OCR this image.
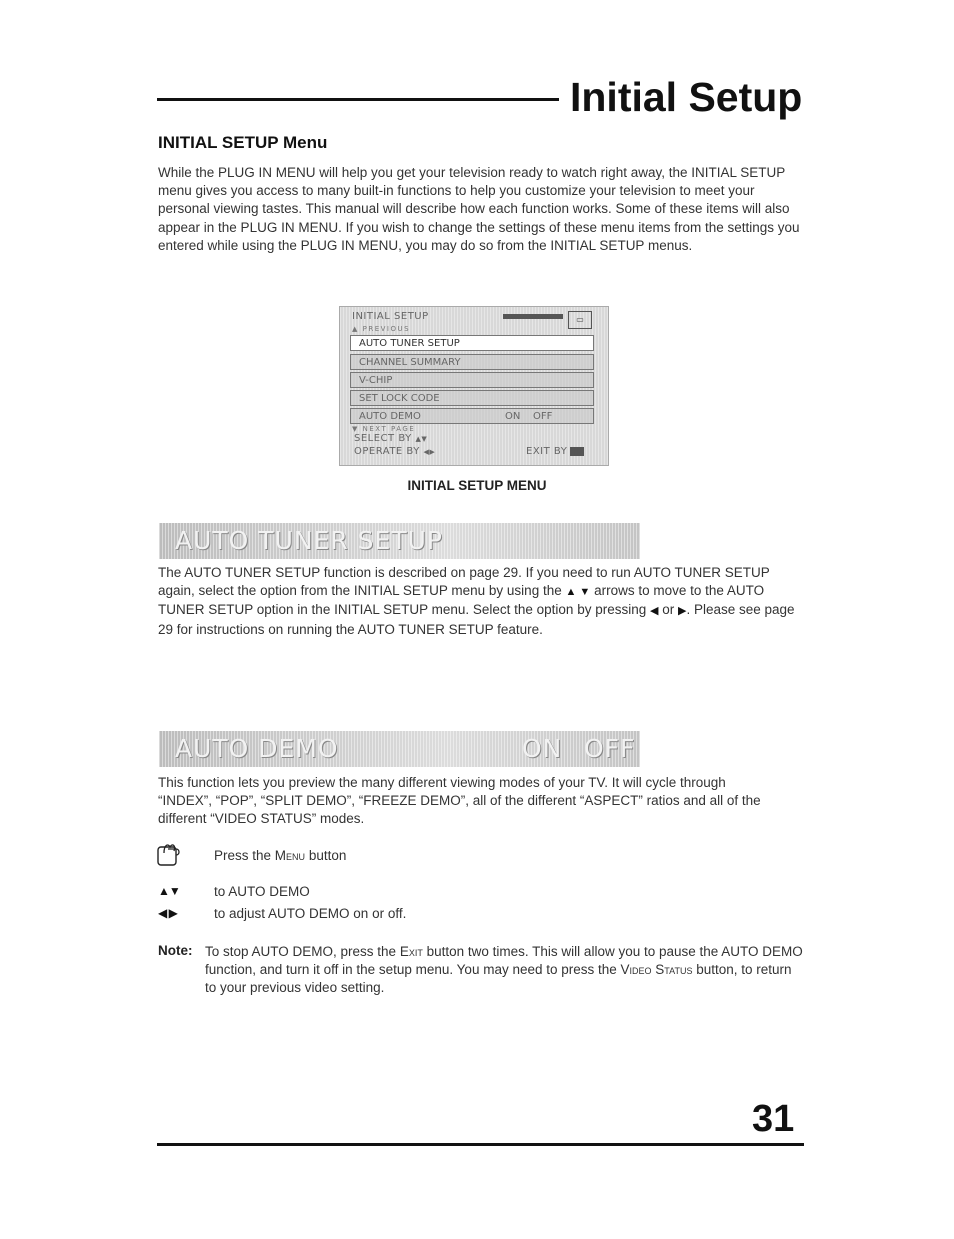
Initial Setup
INITIAL SETUP Menu
While the PLUG IN MENU will help you get your television ready to watch right away, the INITIAL SETUP menu gives you access to many built-in functions to help you customize your television to meet your personal viewing tastes. This manual will describe how each function works. Some of these items will also appear in the PLUG IN MENU. If you wish to change the settings of these menu items from the settings you entered while using the PLUG IN MENU, you may do so from the INITIAL SETUP menus.
INITIAL SETUP	▭
▲ PREVIOUS
AUTO TUNER SETUP
CHANNEL SUMMARY
V-CHIP
SET LOCK CODE
AUTO DEMO	ON OFF
▼ NEXT PAGE
SELECT BY ▲▼
OPERATE BY ◀▶	EXIT BY
INITIAL SETUP MENU
AUTO TUNER SETUP
The AUTO TUNER SETUP function is described on page 29. If you need to run AUTO TUNER SETUP again, select the option from the INITIAL SETUP menu by using the ▲ ▼ arrows to move to the AUTO TUNER SETUP option in the INITIAL SETUP menu. Select the option by pressing ◀ or ▶. Please see page 29 for instructions on running the AUTO TUNER SETUP feature.
AUTO DEMO	ON OFF
This function lets you preview the many different viewing modes of your TV. It will cycle through “INDEX”, “POP”, “SPLIT DEMO”, “FREEZE DEMO”, all of the different “ASPECT” ratios and all of the different “VIDEO STATUS” modes.
Press the Menu button
▲▼	to AUTO DEMO
◀ ▶	to adjust AUTO DEMO on or off.
Note: To stop AUTO DEMO, press the Exit button two times. This will allow you to pause the AUTO DEMO function, and turn it off in the setup menu. You may need to press the Video Status button, to return to your previous video setting.
31
